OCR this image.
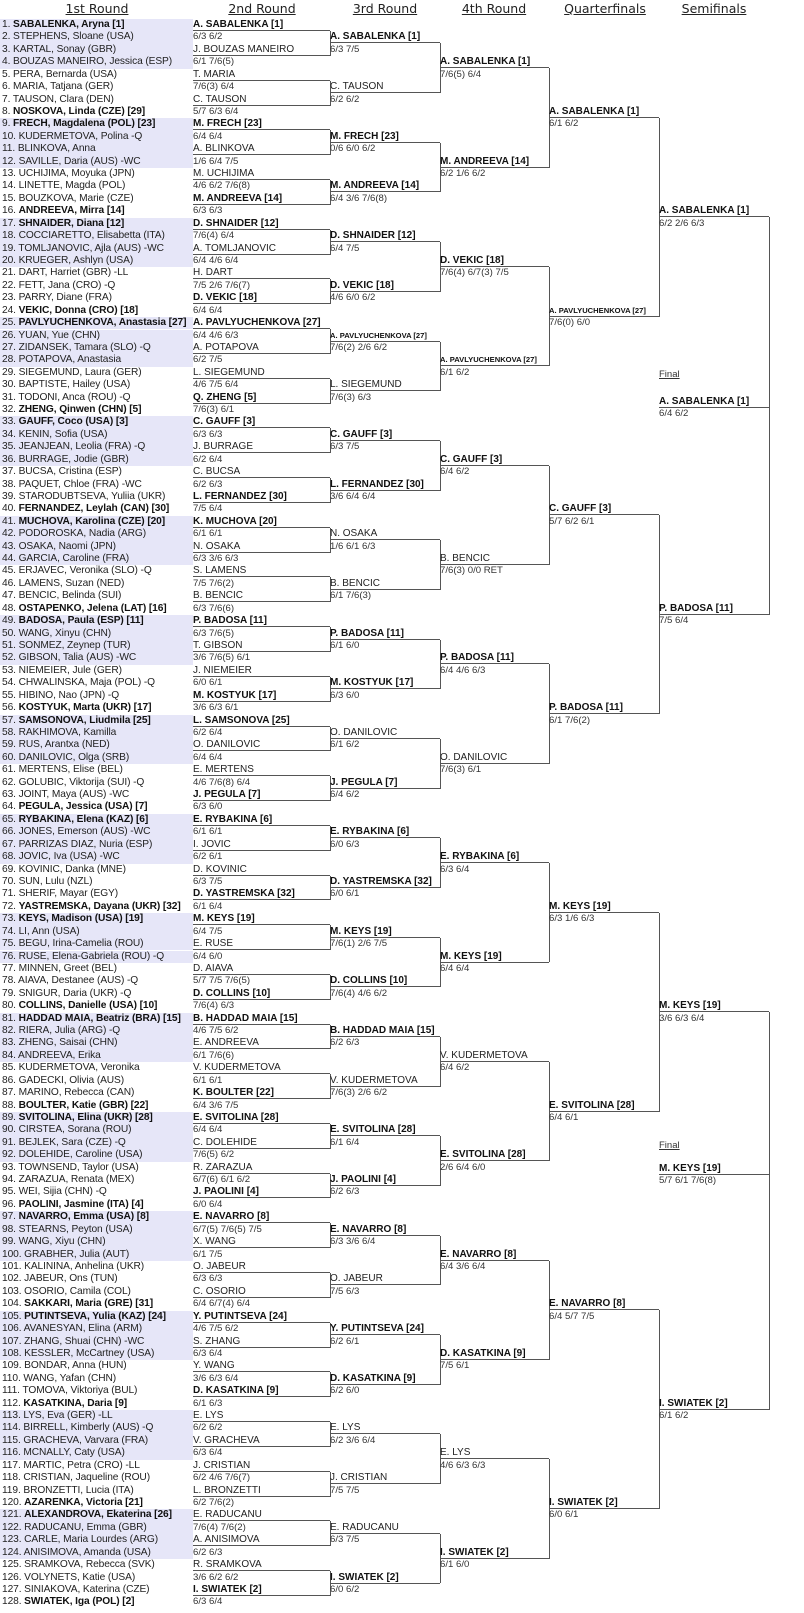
1st Round	2nd Round	3rd Round	4th Round	Quarterfinals	Semifinals
1. SABALENKA, Aryna [1]
2. STEPHENS, Sloane (USA)
3. KARTAL, Sonay (GBR)
4. BOUZAS MANEIRO, Jessica (ESP)
5. PERA, Bernarda (USA)
6. MARIA, Tatjana (GER)
7. TAUSON, Clara (DEN)
8. NOSKOVA, Linda (CZE) [29]
9. FRECH, Magdalena (POL) [23]
10. KUDERMETOVA, Polina -Q
11. BLINKOVA, Anna
12. SAVILLE, Daria (AUS) -WC
13. UCHIJIMA, Moyuka (JPN)
14. LINETTE, Magda (POL)
15. BOUZKOVA, Marie (CZE)
16. ANDREEVA, Mirra [14]
17. SHNAIDER, Diana [12]
18. COCCIARETTO, Elisabetta (ITA)
19. TOMLJANOVIC, Ajla (AUS) -WC
20. KRUEGER, Ashlyn (USA)
21. DART, Harriet (GBR) -LL
22. FETT, Jana (CRO) -Q
23. PARRY, Diane (FRA)
24. VEKIC, Donna (CRO) [18]
25. PAVLYUCHENKOVA, Anastasia [27]
26. YUAN, Yue (CHN)
27. ZIDANSEK, Tamara (SLO) -Q
28. POTAPOVA, Anastasia
29. SIEGEMUND, Laura (GER)
30. BAPTISTE, Hailey (USA)
31. TODONI, Anca (ROU) -Q
32. ZHENG, Qinwen (CHN) [5]
33. GAUFF, Coco (USA) [3]
34. KENIN, Sofia (USA)
35. JEANJEAN, Leolia (FRA) -Q
36. BURRAGE, Jodie (GBR)
37. BUCSA, Cristina (ESP)
38. PAQUET, Chloe (FRA) -WC
39. STARODUBTSEVA, Yuliia (UKR)
40. FERNANDEZ, Leylah (CAN) [30]
41. MUCHOVA, Karolina (CZE) [20]
42. PODOROSKA, Nadia (ARG)
43. OSAKA, Naomi (JPN)
44. GARCIA, Caroline (FRA)
45. ERJAVEC, Veronika (SLO) -Q
46. LAMENS, Suzan (NED)
47. BENCIC, Belinda (SUI)
48. OSTAPENKO, Jelena (LAT) [16]
49. BADOSA, Paula (ESP) [11]
50. WANG, Xinyu (CHN)
51. SONMEZ, Zeynep (TUR)
52. GIBSON, Talia (AUS) -WC
53. NIEMEIER, Jule (GER)
54. CHWALINSKA, Maja (POL) -Q
55. HIBINO, Nao (JPN) -Q
56. KOSTYUK, Marta (UKR) [17]
57. SAMSONOVA, Liudmila [25]
58. RAKHIMOVA, Kamilla
59. RUS, Arantxa (NED)
60. DANILOVIC, Olga (SRB)
61. MERTENS, Elise (BEL)
62. GOLUBIC, Viktorija (SUI) -Q
63. JOINT, Maya (AUS) -WC
64. PEGULA, Jessica (USA) [7]
65. RYBAKINA, Elena (KAZ) [6]
66. JONES, Emerson (AUS) -WC
67. PARRIZAS DIAZ, Nuria (ESP)
68. JOVIC, Iva (USA) -WC
69. KOVINIC, Danka (MNE)
70. SUN, Lulu (NZL)
71. SHERIF, Mayar (EGY)
72. YASTREMSKA, Dayana (UKR) [32]
73. KEYS, Madison (USA) [19]
74. LI, Ann (USA)
75. BEGU, Irina-Camelia (ROU)
76. RUSE, Elena-Gabriela (ROU) -Q
77. MINNEN, Greet (BEL)
78. AIAVA, Destanee (AUS) -Q
79. SNIGUR, Daria (UKR) -Q
80. COLLINS, Danielle (USA) [10]
81. HADDAD MAIA, Beatriz (BRA) [15]
82. RIERA, Julia (ARG) -Q
83. ZHENG, Saisai (CHN)
84. ANDREEVA, Erika
85. KUDERMETOVA, Veronika
86. GADECKI, Olivia (AUS)
87. MARINO, Rebecca (CAN)
88. BOULTER, Katie (GBR) [22]
89. SVITOLINA, Elina (UKR) [28]
90. CIRSTEA, Sorana (ROU)
91. BEJLEK, Sara (CZE) -Q
92. DOLEHIDE, Caroline (USA)
93. TOWNSEND, Taylor (USA)
94. ZARAZUA, Renata (MEX)
95. WEI, Sijia (CHN) -Q
96. PAOLINI, Jasmine (ITA) [4]
97. NAVARRO, Emma (USA) [8]
98. STEARNS, Peyton (USA)
99. WANG, Xiyu (CHN)
100. GRABHER, Julia (AUT)
101. KALININA, Anhelina (UKR)
102. JABEUR, Ons (TUN)
103. OSORIO, Camila (COL)
104. SAKKARI, Maria (GRE) [31]
105. PUTINTSEVA, Yulia (KAZ) [24]
106. AVANESYAN, Elina (ARM)
107. ZHANG, Shuai (CHN) -WC
108. KESSLER, McCartney (USA)
109. BONDAR, Anna (HUN)
110. WANG, Yafan (CHN)
111. TOMOVA, Viktoriya (BUL)
112. KASATKINA, Daria [9]
113. LYS, Eva (GER) -LL
114. BIRRELL, Kimberly (AUS) -Q
115. GRACHEVA, Varvara (FRA)
116. MCNALLY, Caty (USA)
117. MARTIC, Petra (CRO) -LL
118. CRISTIAN, Jaqueline (ROU)
119. BRONZETTI, Lucia (ITA)
120. AZARENKA, Victoria [21]
121. ALEXANDROVA, Ekaterina [26]
122. RADUCANU, Emma (GBR)
123. CARLE, Maria Lourdes (ARG)
124. ANISIMOVA, Amanda (USA)
125. SRAMKOVA, Rebecca (SVK)
126. VOLYNETS, Katie (USA)
127. SINIAKOVA, Katerina (CZE)
128. SWIATEK, Iga (POL) [2]
A. SABALENKA [1]
6/3 6/2
J. BOUZAS MANEIRO
6/1 7/6(5)
T. MARIA
7/6(3) 6/4
C. TAUSON
5/7 6/3 6/4
M. FRECH [23]
6/4 6/4
A. BLINKOVA
1/6 6/4 7/5
M. UCHIJIMA
4/6 6/2 7/6(8)
M. ANDREEVA [14]
6/3 6/3
D. SHNAIDER [12]
7/6(4) 6/4
A. TOMLJANOVIC
6/4 4/6 6/4
H. DART
7/5 2/6 7/6(7)
D. VEKIC [18]
6/4 6/4
A. PAVLYUCHENKOVA [27]
6/4 4/6 6/3
A. POTAPOVA
6/2 7/5
L. SIEGEMUND
4/6 7/5 6/4
Q. ZHENG [5]
7/6(3) 6/1
C. GAUFF [3]
6/3 6/3
J. BURRAGE
6/2 6/4
C. BUCSA
6/2 6/3
L. FERNANDEZ [30]
7/5 6/4
K. MUCHOVA [20]
6/1 6/1
N. OSAKA
6/3 3/6 6/3
S. LAMENS
7/5 7/6(2)
B. BENCIC
6/3 7/6(6)
P. BADOSA [11]
6/3 7/6(5)
T. GIBSON
3/6 7/6(5) 6/1
J. NIEMEIER
6/0 6/1
M. KOSTYUK [17]
3/6 6/3 6/1
L. SAMSONOVA [25]
6/2 6/4
O. DANILOVIC
6/4 6/4
E. MERTENS
4/6 7/6(8) 6/4
J. PEGULA [7]
6/3 6/0
E. RYBAKINA [6]
6/1 6/1
I. JOVIC
6/2 6/1
D. KOVINIC
6/3 7/5
D. YASTREMSKA [32]
6/1 6/4
M. KEYS [19]
6/4 7/5
E. RUSE
6/4 6/0
D. AIAVA
5/7 7/5 7/6(5)
D. COLLINS [10]
7/6(4) 6/3
B. HADDAD MAIA [15]
4/6 7/5 6/2
E. ANDREEVA
6/1 7/6(6)
V. KUDERMETOVA
6/1 6/1
K. BOULTER [22]
6/4 3/6 7/5
E. SVITOLINA [28]
6/4 6/4
C. DOLEHIDE
7/6(5) 6/2
R. ZARAZUA
6/7(6) 6/1 6/2
J. PAOLINI [4]
6/0 6/4
E. NAVARRO [8]
6/7(5) 7/6(5) 7/5
X. WANG
6/1 7/5
O. JABEUR
6/3 6/3
C. OSORIO
6/4 6/7(4) 6/4
Y. PUTINTSEVA [24]
4/6 7/5 6/2
S. ZHANG
6/3 6/4
Y. WANG
3/6 6/3 6/4
D. KASATKINA [9]
6/1 6/3
E. LYS
6/2 6/2
V. GRACHEVA
6/3 6/4
J. CRISTIAN
6/2 4/6 7/6(7)
L. BRONZETTI
6/2 7/6(2)
E. RADUCANU
7/6(4) 7/6(2)
A. ANISIMOVA
6/2 6/3
R. SRAMKOVA
3/6 6/2 6/2
I. SWIATEK [2]
6/3 6/4
A. SABALENKA [1]
6/3 7/5
C. TAUSON
6/2 6/2
M. FRECH [23]
0/6 6/0 6/2
M. ANDREEVA [14]
6/4 3/6 7/6(8)
D. SHNAIDER [12]
6/4 7/5
D. VEKIC [18]
4/6 6/0 6/2
A. PAVLYUCHENKOVA [27]
7/6(2) 2/6 6/2
L. SIEGEMUND
7/6(3) 6/3
C. GAUFF [3]
6/3 7/5
L. FERNANDEZ [30]
3/6 6/4 6/4
N. OSAKA
1/6 6/1 6/3
B. BENCIC
6/1 7/6(3)
P. BADOSA [11]
6/1 6/0
M. KOSTYUK [17]
6/3 6/0
O. DANILOVIC
6/1 6/2
J. PEGULA [7]
6/4 6/2
E. RYBAKINA [6]
6/0 6/3
D. YASTREMSKA [32]
6/0 6/1
M. KEYS [19]
7/6(1) 2/6 7/5
D. COLLINS [10]
7/6(4) 4/6 6/2
B. HADDAD MAIA [15]
6/2 6/3
V. KUDERMETOVA
7/6(3) 2/6 6/2
E. SVITOLINA [28]
6/1 6/4
J. PAOLINI [4]
6/2 6/3
E. NAVARRO [8]
6/3 3/6 6/4
O. JABEUR
7/5 6/3
Y. PUTINTSEVA [24]
6/2 6/1
D. KASATKINA [9]
6/2 6/0
E. LYS
6/2 3/6 6/4
J. CRISTIAN
7/5 7/5
E. RADUCANU
6/3 7/5
I. SWIATEK [2]
6/0 6/2
A. SABALENKA [1]
7/6(5) 6/4
M. ANDREEVA [14]
6/2 1/6 6/2
D. VEKIC [18]
7/6(4) 6/7(3) 7/5
A. PAVLYUCHENKOVA [27]
6/1 6/2
C. GAUFF [3]
6/4 6/2
B. BENCIC
7/6(3) 0/0 RET
P. BADOSA [11]
6/4 4/6 6/3
O. DANILOVIC
7/6(3) 6/1
E. RYBAKINA [6]
6/3 6/4
M. KEYS [19]
6/4 6/4
V. KUDERMETOVA
6/4 6/2
E. SVITOLINA [28]
2/6 6/4 6/0
E. NAVARRO [8]
6/4 3/6 6/4
D. KASATKINA [9]
7/5 6/1
E. LYS
4/6 6/3 6/3
I. SWIATEK [2]
6/1 6/0
A. SABALENKA [1]
6/1 6/2
A. PAVLYUCHENKOVA [27]
7/6(0) 6/0
C. GAUFF [3]
5/7 6/2 6/1
P. BADOSA [11]
6/1 7/6(2)
M. KEYS [19]
6/3 1/6 6/3
E. SVITOLINA [28]
6/4 6/1
E. NAVARRO [8]
6/4 5/7 7/5
I. SWIATEK [2]
6/0 6/1
A. SABALENKA [1]
6/2 2/6 6/3
P. BADOSA [11]
7/5 6/4
M. KEYS [19]
3/6 6/3 6/4
I. SWIATEK [2]
6/1 6/2
Final
A. SABALENKA [1]
6/4 6/2
Final
M. KEYS [19]
5/7 6/1 7/6(8)
